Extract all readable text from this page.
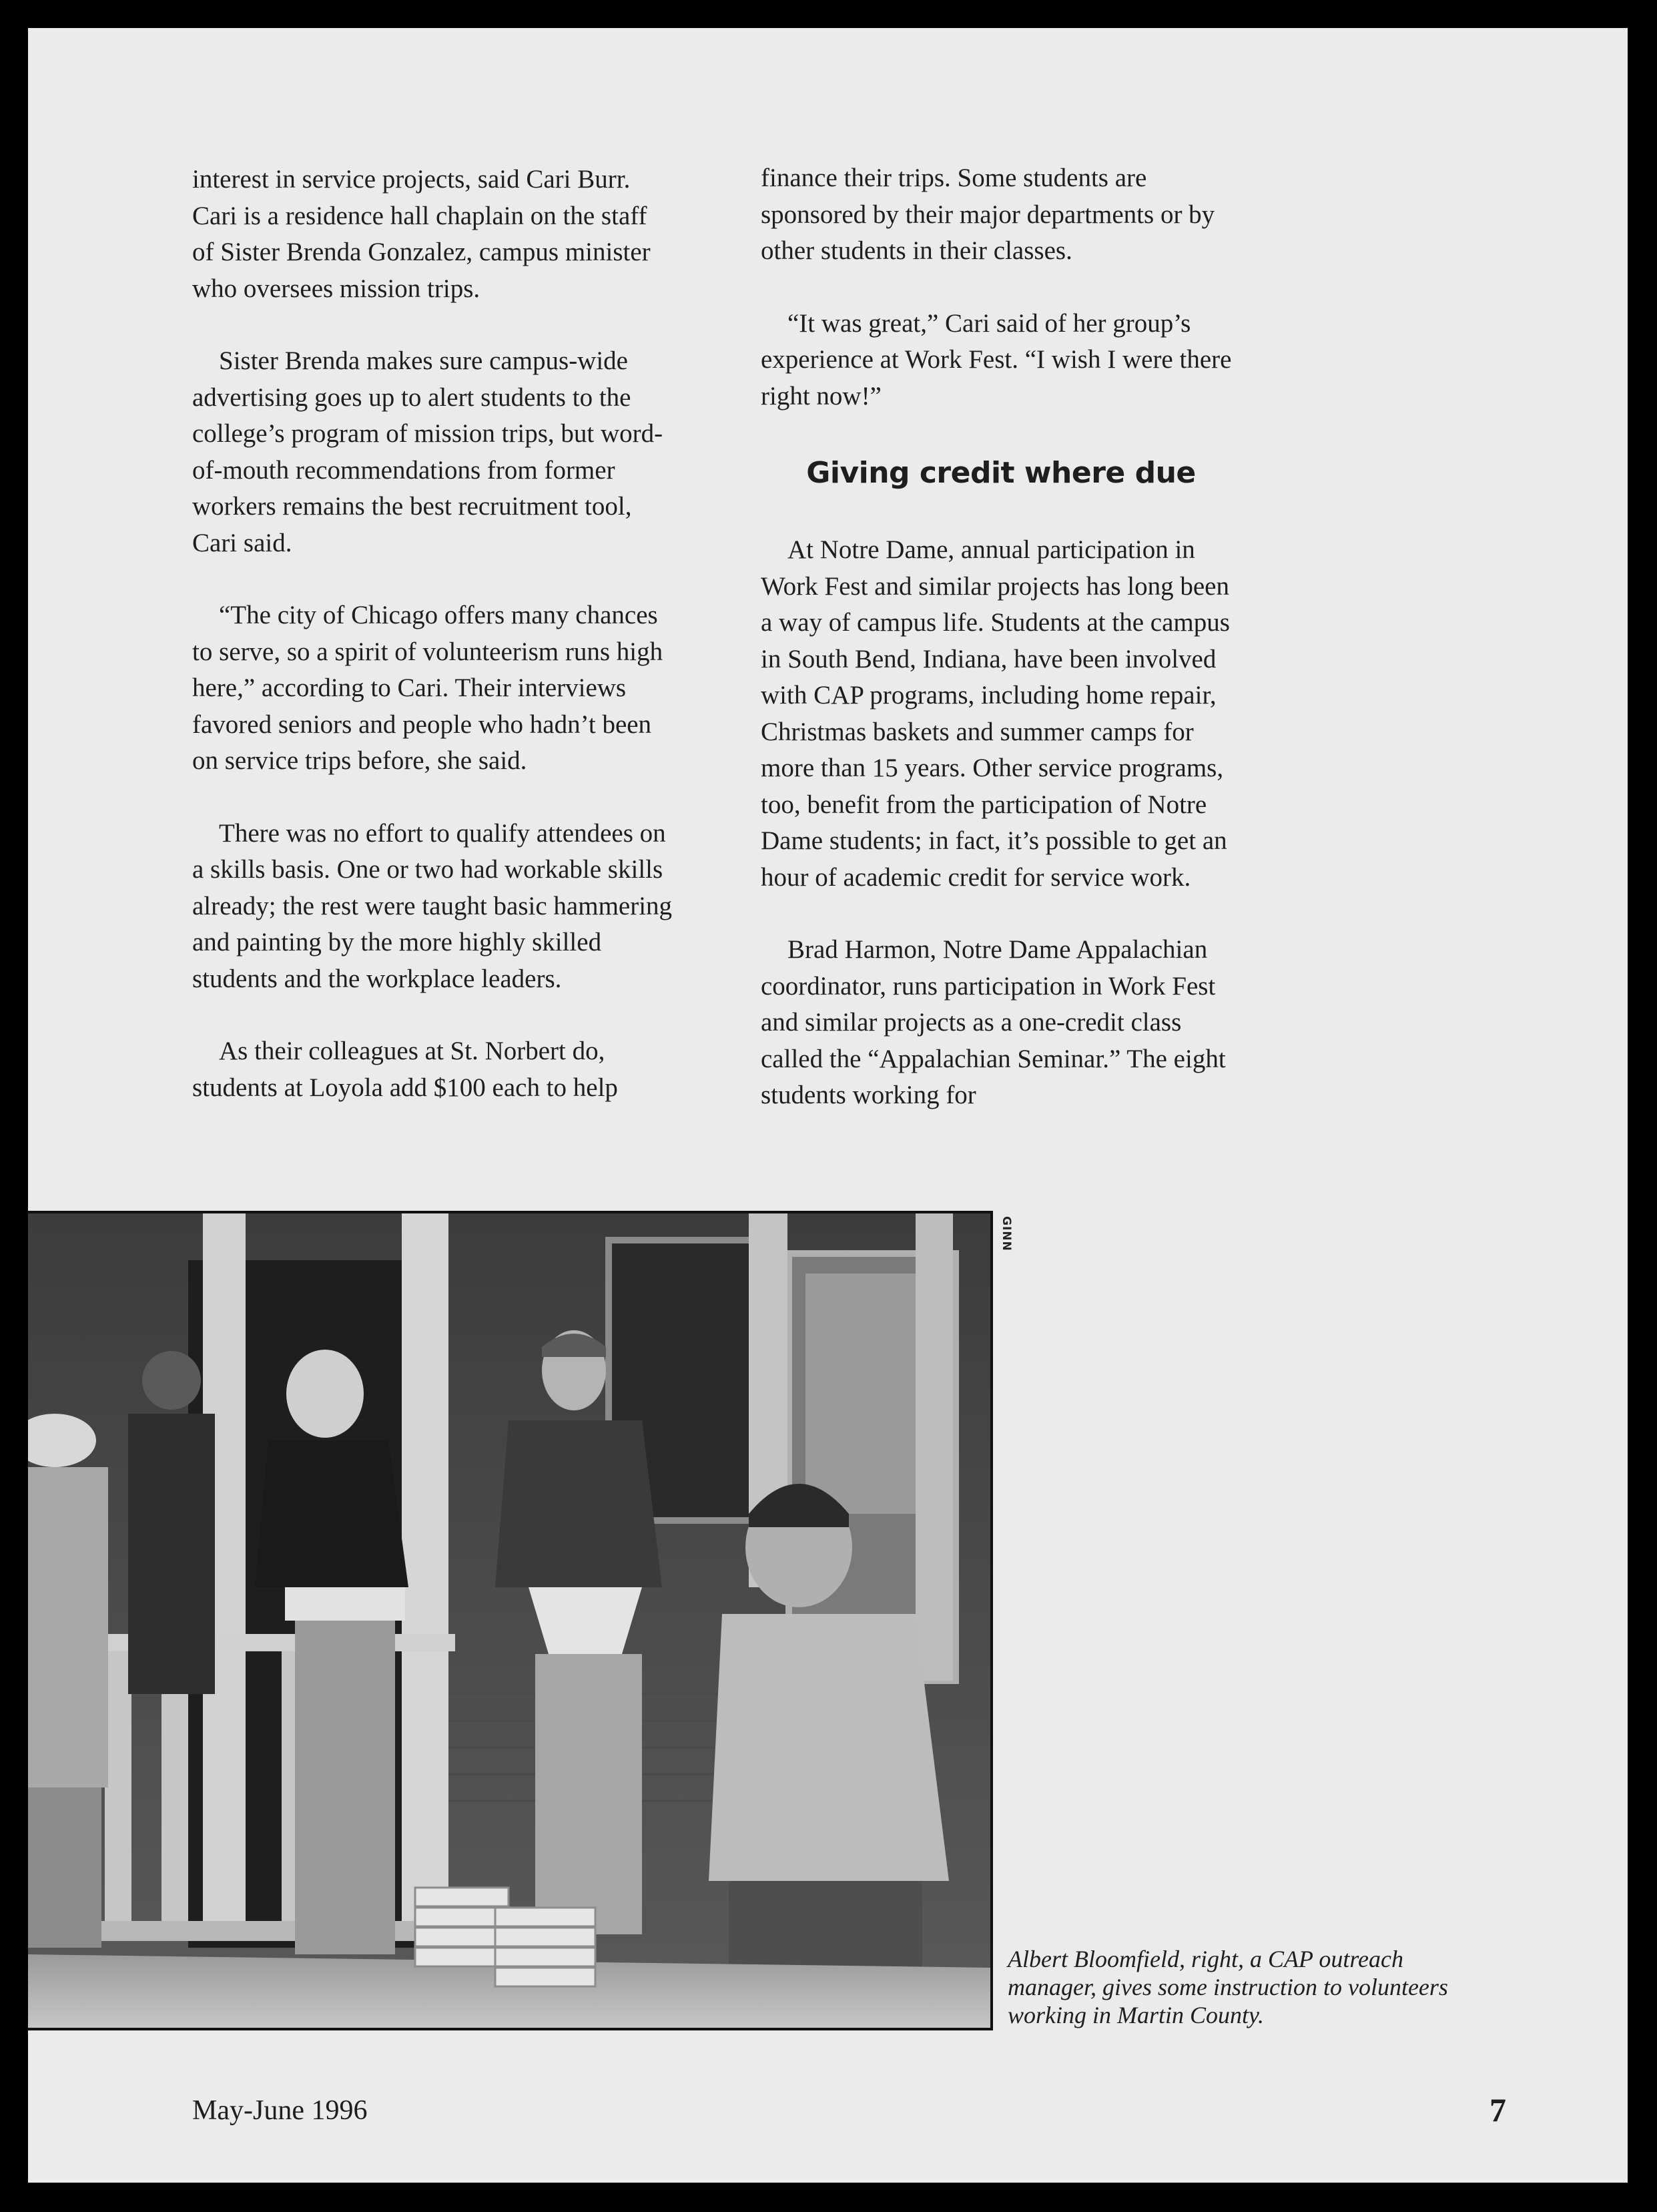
interest in service projects, said Cari Burr. Cari is a residence hall chaplain on the staff of Sister Brenda Gonzalez, campus minister who oversees mission trips.

Sister Brenda makes sure campus-wide advertising goes up to alert students to the college’s program of mission trips, but word-of-mouth recommendations from former workers remains the best recruitment tool, Cari said.

“The city of Chicago offers many chances to serve, so a spirit of volunteerism runs high here,” according to Cari. Their interviews favored seniors and people who hadn’t been on service trips before, she said.

There was no effort to qualify attendees on a skills basis. One or two had workable skills already; the rest were taught basic hammering and painting by the more highly skilled students and the workplace leaders.

As their colleagues at St. Norbert do, students at Loyola add $100 each to help

finance their trips. Some students are sponsored by their major departments or by other students in their classes.

“It was great,” Cari said of her group’s experience at Work Fest. “I wish I were there right now!”

Giving credit where due

At Notre Dame, annual participation in Work Fest and similar projects has long been a way of campus life. Students at the campus in South Bend, Indiana, have been involved with CAP programs, including home repair, Christmas baskets and summer camps for more than 15 years. Other service programs, too, benefit from the participation of Notre Dame students; in fact, it’s possible to get an hour of academic credit for service work.

Brad Harmon, Notre Dame Appalachian coordinator, runs participation in Work Fest and similar projects as a one-credit class called the “Appalachian Seminar.” The eight students working for

GINN
Albert Bloomfield, right, a CAP outreach manager, gives some instruction to volunteers working in Martin County.
May-June 1996	7
